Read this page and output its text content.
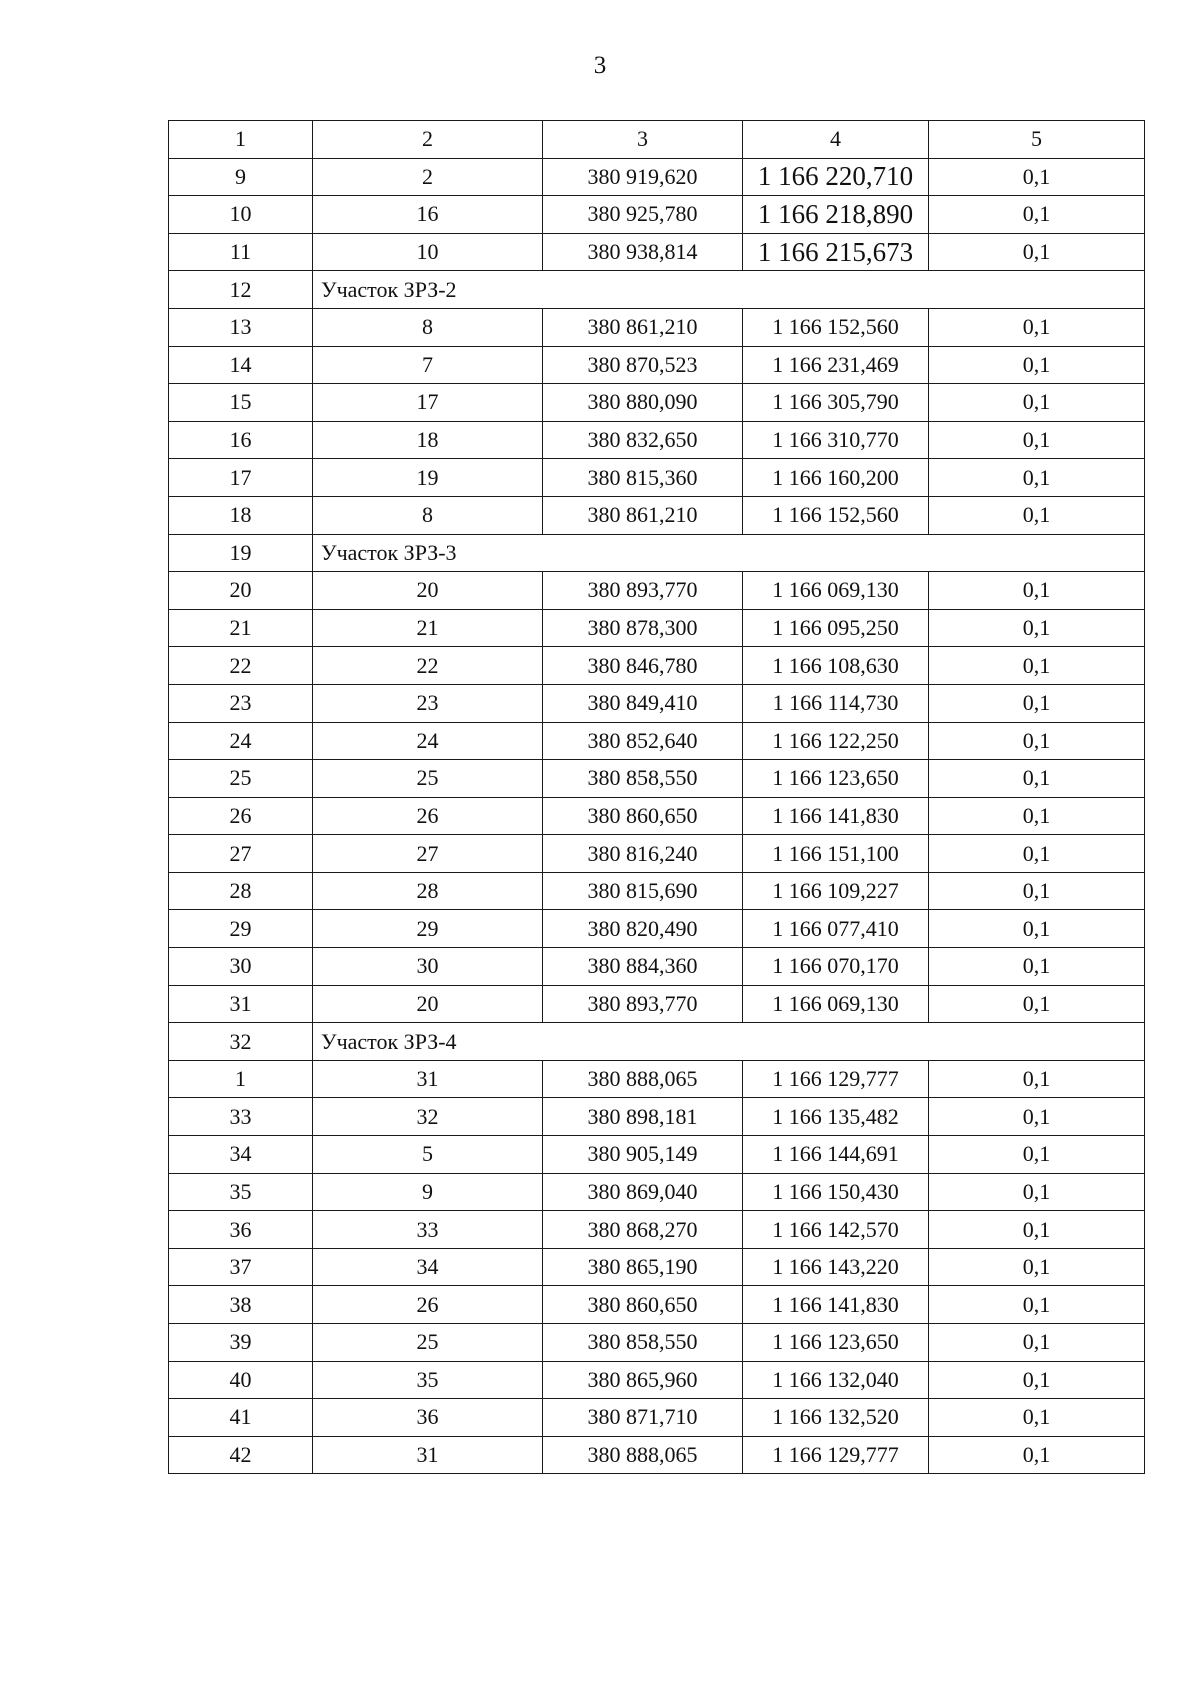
3
1	2	3	4	5
9	2	380 919,620	1 166 220,710	0,1
10	16	380 925,780	1 166 218,890	0,1
11	10	380 938,814	1 166 215,673	0,1
12	Участок ЗРЗ-2			
13	8	380 861,210	1 166 152,560	0,1
14	7	380 870,523	1 166 231,469	0,1
15	17	380 880,090	1 166 305,790	0,1
16	18	380 832,650	1 166 310,770	0,1
17	19	380 815,360	1 166 160,200	0,1
18	8	380 861,210	1 166 152,560	0,1
19	Участок ЗРЗ-3			
20	20	380 893,770	1 166 069,130	0,1
21	21	380 878,300	1 166 095,250	0,1
22	22	380 846,780	1 166 108,630	0,1
23	23	380 849,410	1 166 114,730	0,1
24	24	380 852,640	1 166 122,250	0,1
25	25	380 858,550	1 166 123,650	0,1
26	26	380 860,650	1 166 141,830	0,1
27	27	380 816,240	1 166 151,100	0,1
28	28	380 815,690	1 166 109,227	0,1
29	29	380 820,490	1 166 077,410	0,1
30	30	380 884,360	1 166 070,170	0,1
31	20	380 893,770	1 166 069,130	0,1
32	Участок ЗРЗ-4			
1	31	380 888,065	1 166 129,777	0,1
33	32	380 898,181	1 166 135,482	0,1
34	5	380 905,149	1 166 144,691	0,1
35	9	380 869,040	1 166 150,430	0,1
36	33	380 868,270	1 166 142,570	0,1
37	34	380 865,190	1 166 143,220	0,1
38	26	380 860,650	1 166 141,830	0,1
39	25	380 858,550	1 166 123,650	0,1
40	35	380 865,960	1 166 132,040	0,1
41	36	380 871,710	1 166 132,520	0,1
42	31	380 888,065	1 166 129,777	0,1
